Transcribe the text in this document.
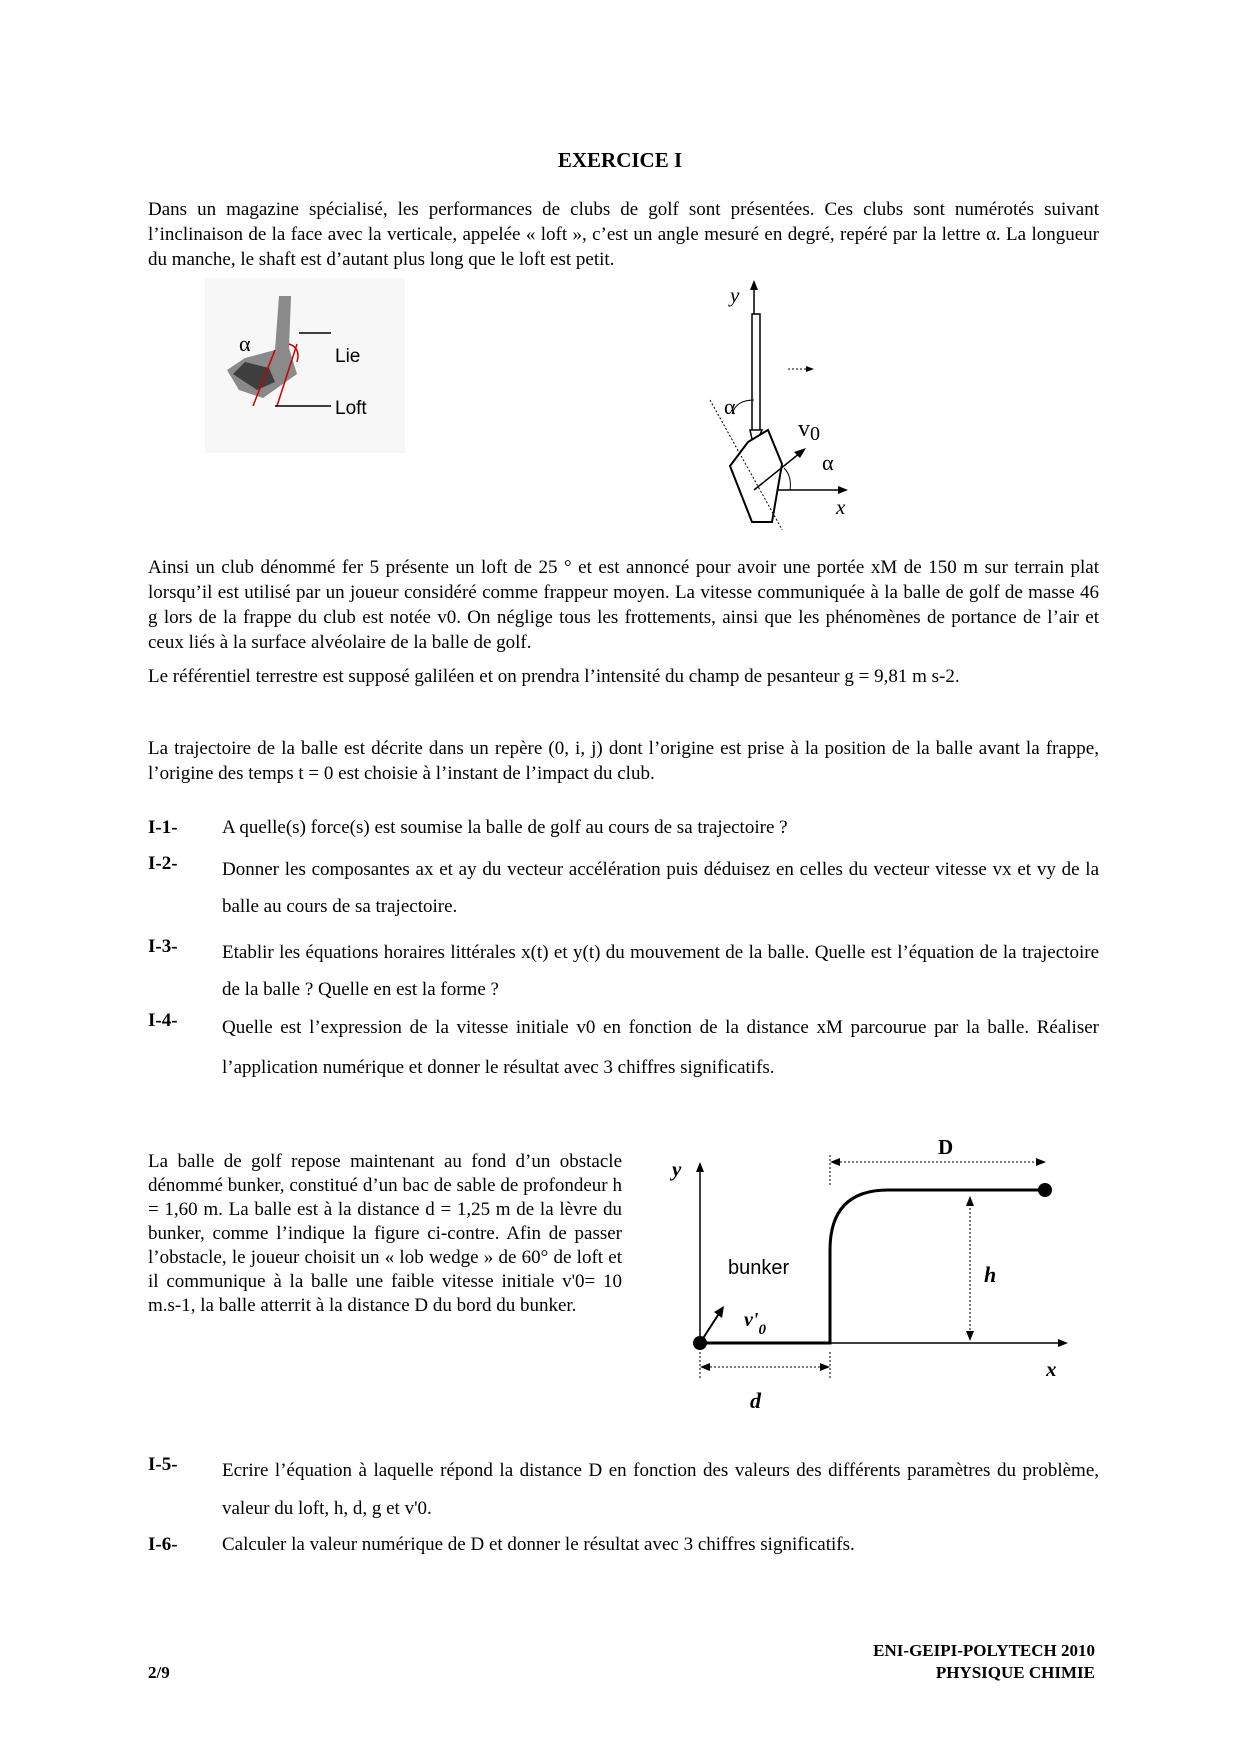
EXERCICE I
Dans un magazine spécialisé, les performances de clubs de golf sont présentées. Ces clubs sont numérotés suivant l’inclinaison de la face avec la verticale, appelée « loft », c’est un angle mesuré en degré, repéré par la lettre α. La longueur du manche, le shaft est d’autant plus long que le loft est petit.
α
Lie
Loft
y
x
α
α
v0
Ainsi un club dénommé fer 5 présente un loft de 25 ° et est annoncé pour avoir une portée xM de 150 m sur terrain plat lorsqu’il est utilisé par un joueur considéré comme frappeur moyen. La vitesse communiquée à la balle de golf de masse 46 g lors de la frappe du club est notée v0. On néglige tous les frottements, ainsi que les phénomènes de portance de l’air et ceux liés à la surface alvéolaire de la balle de golf.
Le référentiel terrestre est supposé galiléen et on prendra l’intensité du champ de pesanteur g = 9,81 m s-2.
La trajectoire de la balle est décrite dans un repère (0, i, j) dont l’origine est prise à la position de la balle avant la frappe, l’origine des temps t = 0 est choisie à l’instant de l’impact du club.
I-1- A quelle(s) force(s) est soumise la balle de golf au cours de sa trajectoire ?
I-2- Donner les composantes ax et ay du vecteur accélération puis déduisez en celles du vecteur vitesse vx et vy de la balle au cours de sa trajectoire.
I-3- Etablir les équations horaires littérales x(t) et y(t) du mouvement de la balle. Quelle est l’équation de la trajectoire de la balle ? Quelle en est la forme ?
I-4- Quelle est l’expression de la vitesse initiale v0 en fonction de la distance xM parcourue par la balle. Réaliser l’application numérique et donner le résultat avec 3 chiffres significatifs.
La balle de golf repose maintenant au fond d’un obstacle dénommé bunker, constitué d’un bac de sable de profondeur h = 1,60 m. La balle est à la distance d = 1,25 m de la lèvre du bunker, comme l’indique la figure ci-contre. Afin de passer l’obstacle, le joueur choisit un « lob wedge » de 60° de loft et il communique à la balle une faible vitesse initiale v'0= 10 m.s-1, la balle atterrit à la distance D du bord du bunker.
y
x
D
h
d
bunker
$v'_0$
I-5- Ecrire l’équation à laquelle répond la distance D en fonction des valeurs des différents paramètres du problème, valeur du loft, h, d, g et v'0.
I-6- Calculer la valeur numérique de D et donner le résultat avec 3 chiffres significatifs.
2/9
ENI-GEIPI-POLYTECH 2010
PHYSIQUE CHIMIE
